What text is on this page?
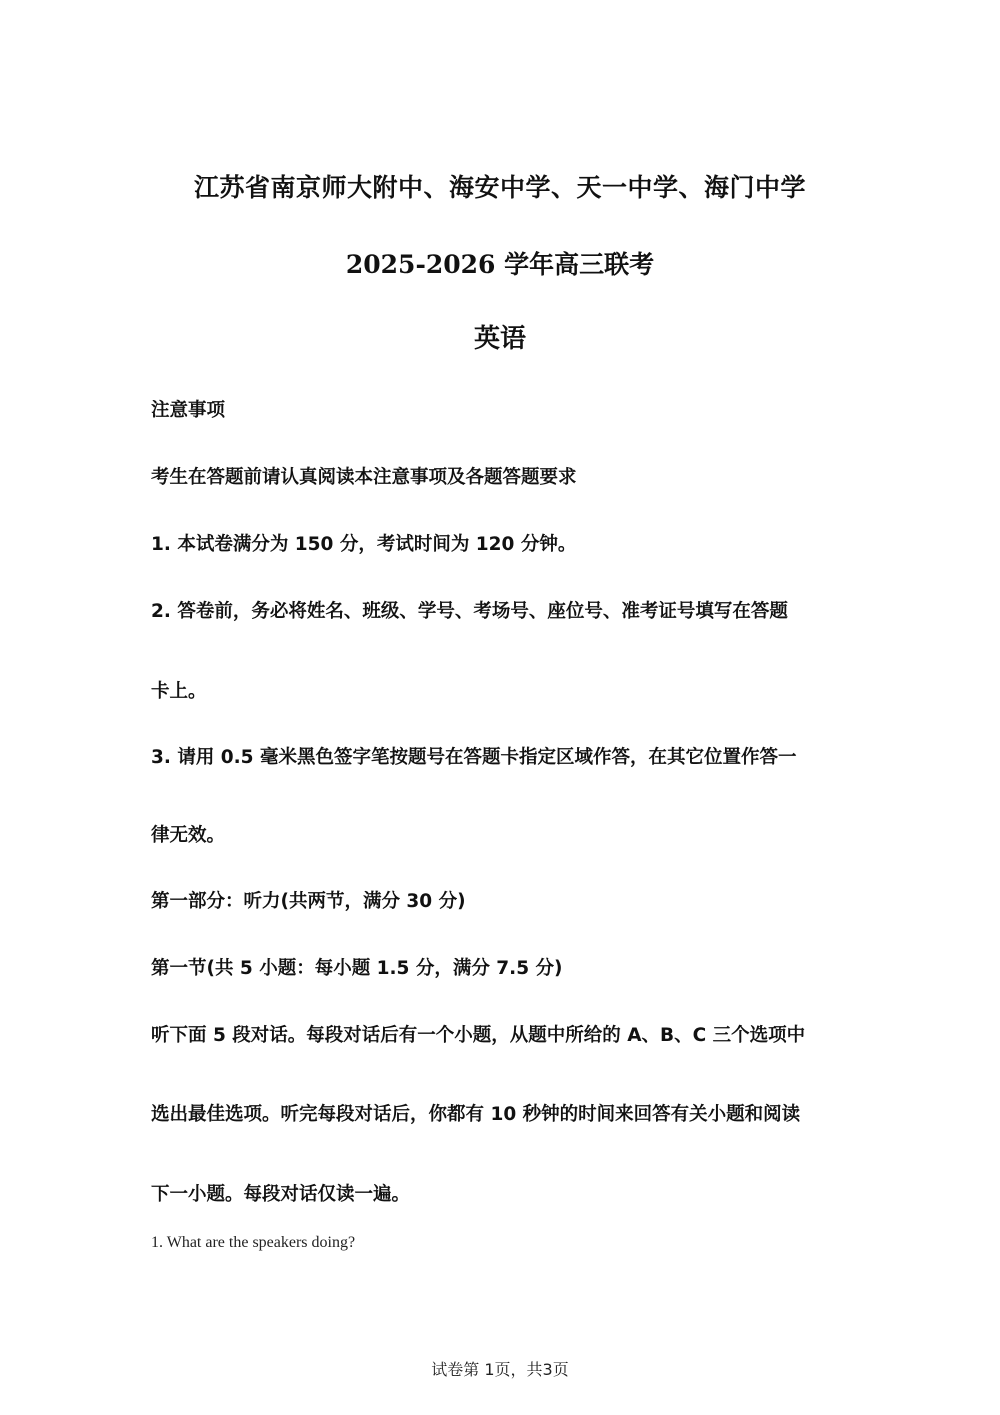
江苏省南京师大附中、海安中学、天一中学、海门中学
2025-2026 学年高三联考
英语
注意事项
考生在答题前请认真阅读本注意事项及各题答题要求
1. 本试卷满分为 150 分，考试时间为 120 分钟。
2. 答卷前，务必将姓名、班级、学号、考场号、座位号、准考证号填写在答题
卡上。
3. 请用 0.5 毫米黑色签字笔按题号在答题卡指定区域作答，在其它位置作答一
律无效。
第一部分：听力(共两节，满分 30 分)
第一节(共 5 小题：每小题 1.5 分，满分 7.5 分)
听下面 5 段对话。每段对话后有一个小题，从题中所给的 A、B、C 三个选项中
选出最佳选项。听完每段对话后，你都有 10 秒钟的时间来回答有关小题和阅读
下一小题。每段对话仅读一遍。
1. What are the speakers doing?
试卷第 1页，共3页
